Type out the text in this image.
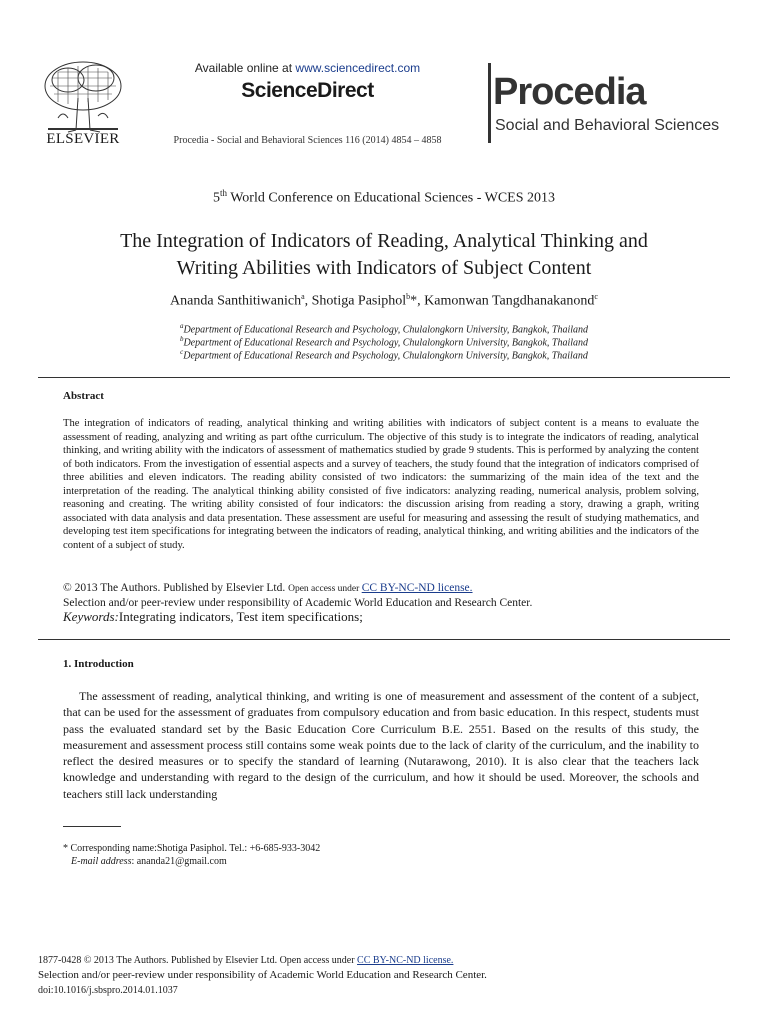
ELSEVIER
Available online at www.sciencedirect.com
ScienceDirect
Procedia - Social and Behavioral Sciences 116 (2014) 4854 – 4858
Procedia
Social and Behavioral Sciences
5th World Conference on Educational Sciences - WCES 2013
The Integration of Indicators of Reading, Analytical Thinking and
Writing Abilities with Indicators of Subject Content
Ananda Santhitiwanich$^a$, Shotiga Pasiphol$^b$*, Kamonwan Tangdhanakanond$^c$
$^a$Department of Educational Research and Psychology, Chulalongkorn University, Bangkok, Thailand
$^b$Department of Educational Research and Psychology, Chulalongkorn University, Bangkok, Thailand
$^c$Department of Educational Research and Psychology, Chulalongkorn University, Bangkok, Thailand
Abstract
The integration of indicators of reading, analytical thinking and writing abilities with indicators of subject content is a means to evaluate the assessment of reading, analyzing and writing as part ofthe curriculum. The objective of this study is to integrate the indicators of reading, analytical thinking, and writing ability with the indicators of assessment of mathematics studied by grade 9 students. This is performed by analyzing the content of both indicators. From the investigation of essential aspects and a survey of teachers, the study found that the integration of indicators comprised of three abilities and eleven indicators. The reading ability consisted of two indicators: the summarizing of the main idea of the text and the interpretation of the reading. The analytical thinking ability consisted of five indicators: analyzing reading, numerical analysis, problem solving, reasoning and creating. The writing ability consisted of four indicators: the discussion arising from reading a story, drawing a graph, writing associated with data analysis and data presentation. These assessment are useful for measuring and assessing the result of studying mathematics, and developing test item specifications for integrating between the indicators of reading, analytical thinking, and writing abilities and the indicators of the content of a subject of study.
© 2013 The Authors. Published by Elsevier Ltd. Open access under CC BY-NC-ND license.
Selection and/or peer-review under responsibility of Academic World Education and Research Center.
Keywords:Integrating indicators, Test item specifications;
1. Introduction
The assessment of reading, analytical thinking, and writing is one of measurement and assessment of the content of a subject, that can be used for the assessment of graduates from compulsory education and from basic education. In this respect, students must pass the evaluated standard set by the Basic Education Core Curriculum B.E. 2551. Based on the results of this study, the measurement and assessment process still contains some weak points due to the lack of clarity of the curriculum, and the inability to reflect the desired measures or to specify the standard of learning (Nutarawong, 2010). It is also clear that the teachers lack knowledge and understanding with regard to the design of the curriculum, and how it should be used. Moreover, the schools and teachers still lack understanding
* Corresponding name:Shotiga Pasiphol. Tel.: +6-685-933-3042
E-mail address: ananda21@gmail.com
1877-0428 © 2013 The Authors. Published by Elsevier Ltd. Open access under CC BY-NC-ND license.
Selection and/or peer-review under responsibility of Academic World Education and Research Center.
doi:10.1016/j.sbspro.2014.01.1037
